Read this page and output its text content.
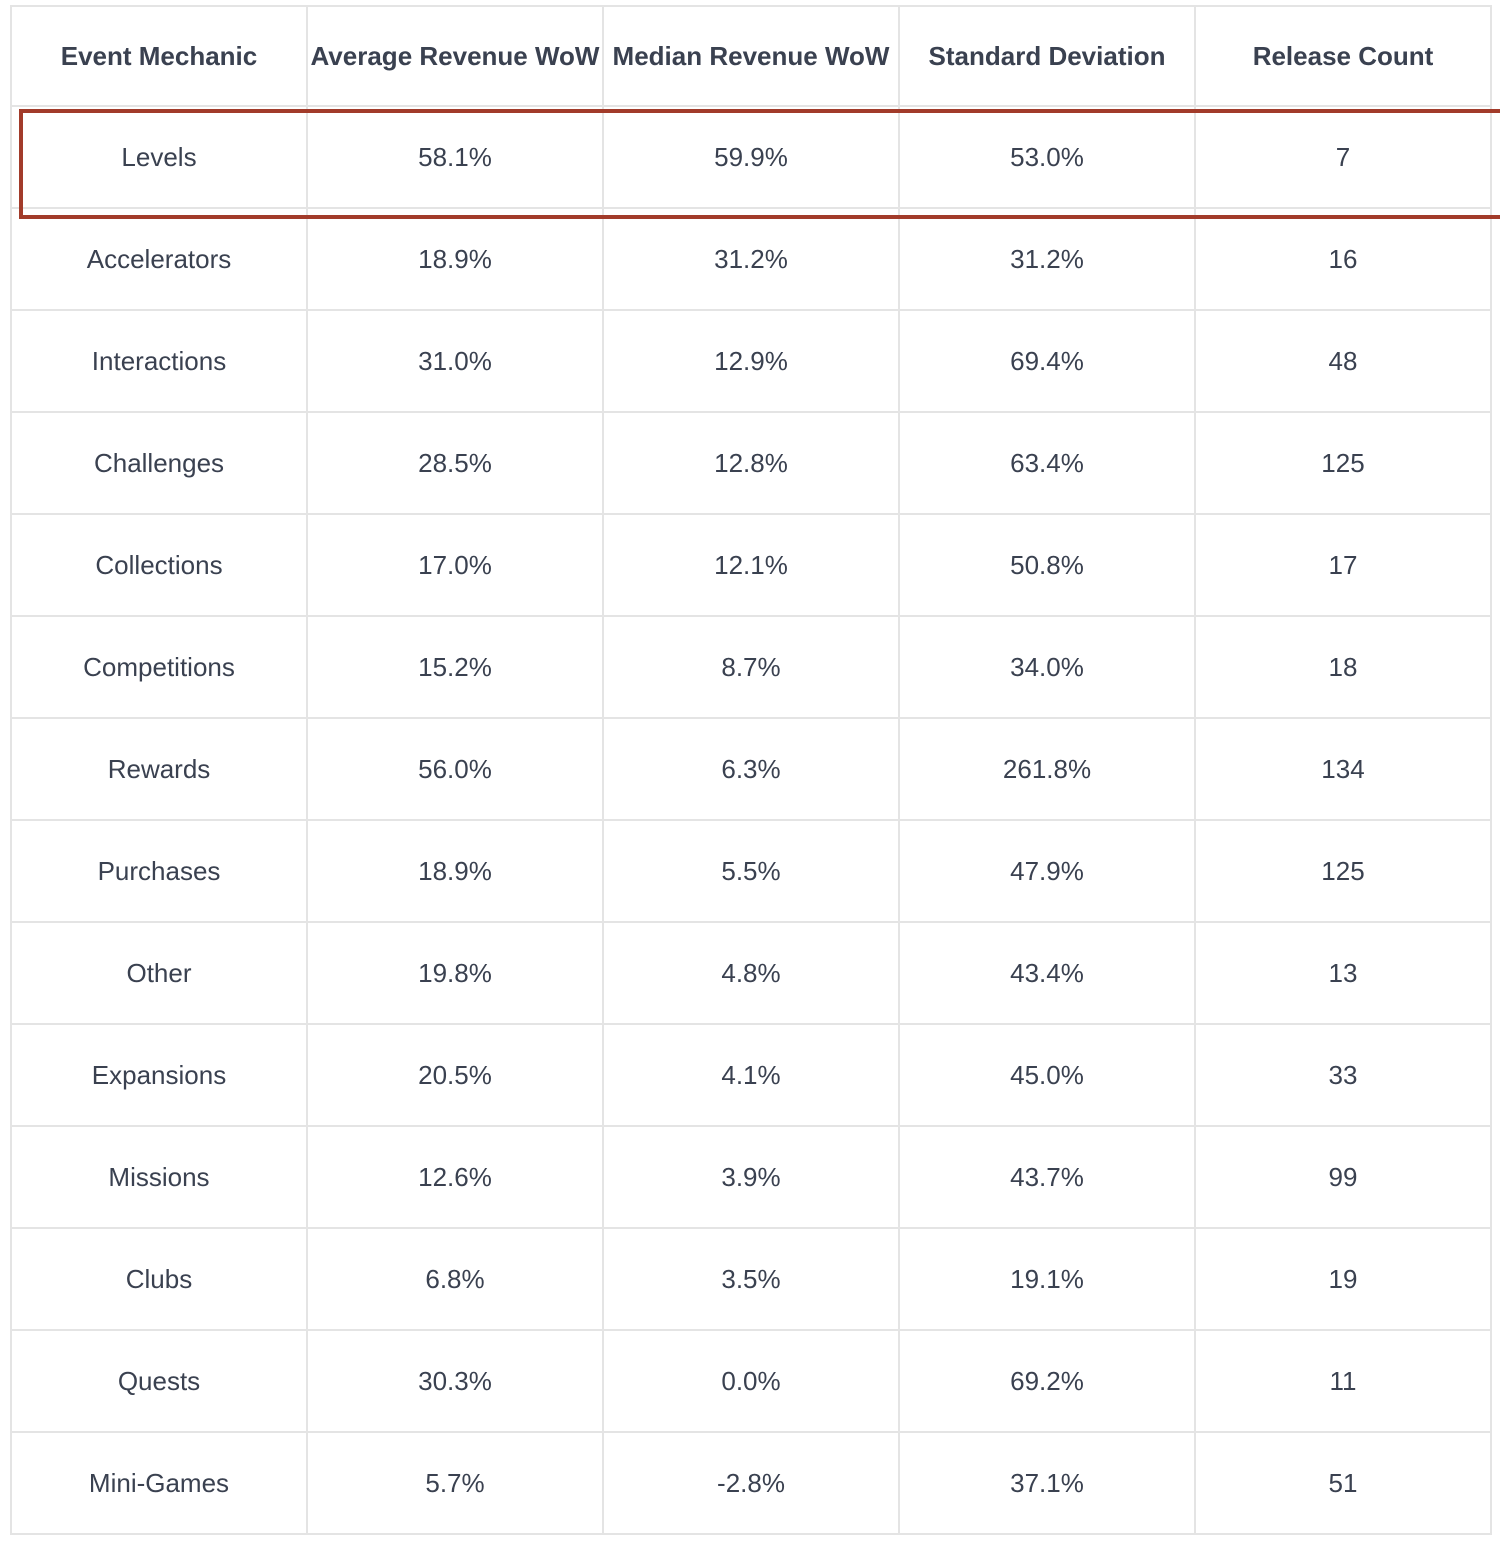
Event Mechanic	Average Revenue WoW	Median Revenue WoW	Standard Deviation	Release Count
Levels	58.1%	59.9%	53.0%	7
Accelerators	18.9%	31.2%	31.2%	16
Interactions	31.0%	12.9%	69.4%	48
Challenges	28.5%	12.8%	63.4%	125
Collections	17.0%	12.1%	50.8%	17
Competitions	15.2%	8.7%	34.0%	18
Rewards	56.0%	6.3%	261.8%	134
Purchases	18.9%	5.5%	47.9%	125
Other	19.8%	4.8%	43.4%	13
Expansions	20.5%	4.1%	45.0%	33
Missions	12.6%	3.9%	43.7%	99
Clubs	6.8%	3.5%	19.1%	19
Quests	30.3%	0.0%	69.2%	11
Mini-Games	5.7%	-2.8%	37.1%	51
